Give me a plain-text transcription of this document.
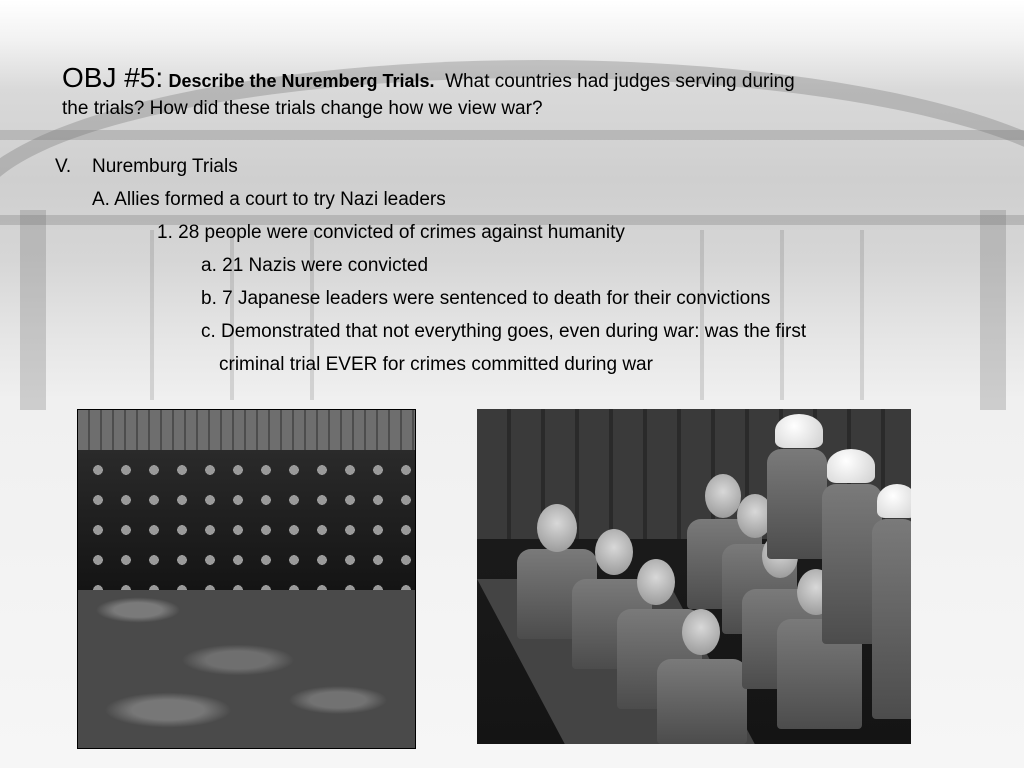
OBJ #5: Describe the Nuremberg Trials. What countries had judges serving during
the trials? How did these trials change how we view war?
V. Nuremburg Trials
A. Allies formed a court to try Nazi leaders
1. 28 people were convicted of crimes against humanity
a. 21 Nazis were convicted
b. 7 Japanese leaders were sentenced to death for their convictions
c. Demonstrated that not everything goes, even during war: was the first
criminal trial EVER for crimes committed during war
